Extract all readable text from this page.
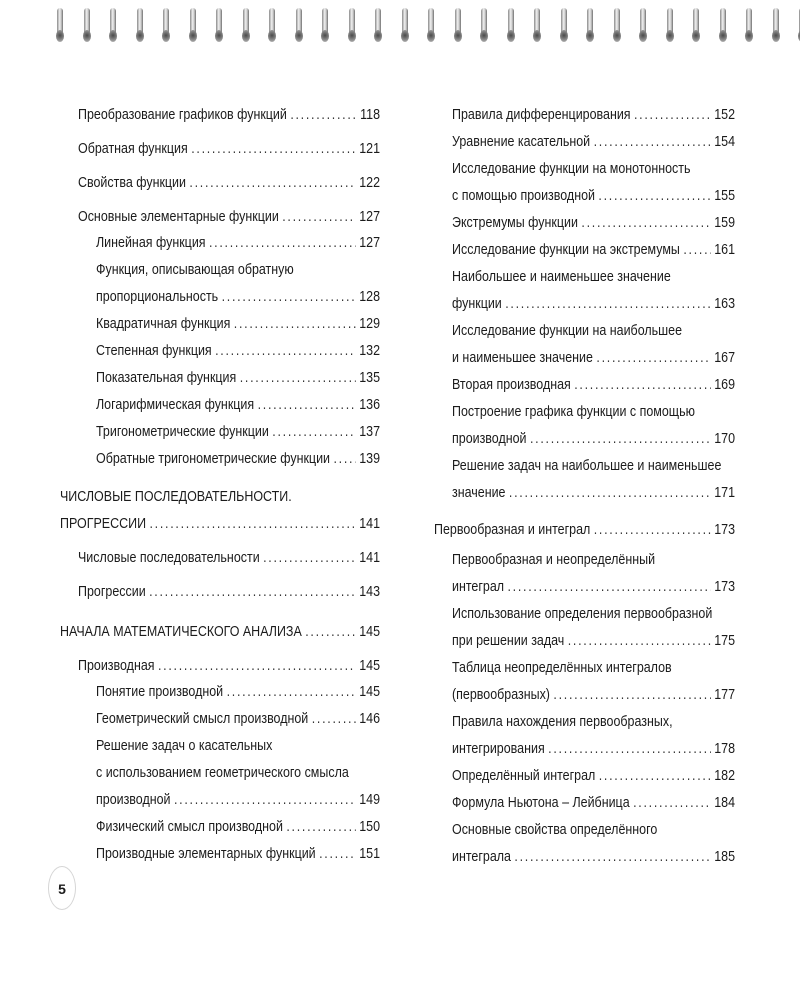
Преобразование графиков функций .....	118
Обратная функция .....	121
Свойства функции .....	122
Основные элементарные функции .....	127
Линейная функция .....	127
Функция, описывающая обратную
пропорциональность .....	128
Квадратичная функция .....	129
Степенная функция .....	132
Показательная функция .....	135
Логарифмическая функция .....	136
Тригонометрические функции .....	137
Обратные тригонометрические функции ..... 139
ЧИСЛОВЫЕ ПОСЛЕДОВАТЕЛЬНОСТИ.
ПРОГРЕССИИ .....	141
Числовые последовательности .....	141
Прогрессии .....	143
НАЧАЛА МАТЕМАТИЧЕСКОГО АНАЛИЗА .....	145
Производная .....	145
Понятие производной .....	145
Геометрический смысл производной .....	146
Решение задач о касательных
с использованием геометрического смысла
производной .....	149
Физический смысл производной .....	150
Производные элементарных функций .....	151
Правила дифференцирования .....	152
Уравнение касательной .....	154
Исследование функции на монотонность
с помощью производной .....	155
Экстремумы функции .....	159
Исследование функции на экстремумы ..... 161
Наибольшее и наименьшее значение
функции .....	163
Исследование функции на наибольшее
и наименьшее значение .....	167
Вторая производная .....	169
Построение графика функции с помощью
производной .....	170
Решение задач на наибольшее и наименьшее
значение .....	171
Первообразная и интеграл .....	173
Первообразная и неопределённый
интеграл .....	173
Использование определения первообразной
при решении задач .....	175
Таблица неопределённых интегралов
(первообразных) .....	177
Правила нахождения первообразных,
интегрирования .....	178
Определённый интеграл .....	182
Формула Ньютона – Лейбница .....	184
Основные свойства определённого
интеграла .....	185
5
